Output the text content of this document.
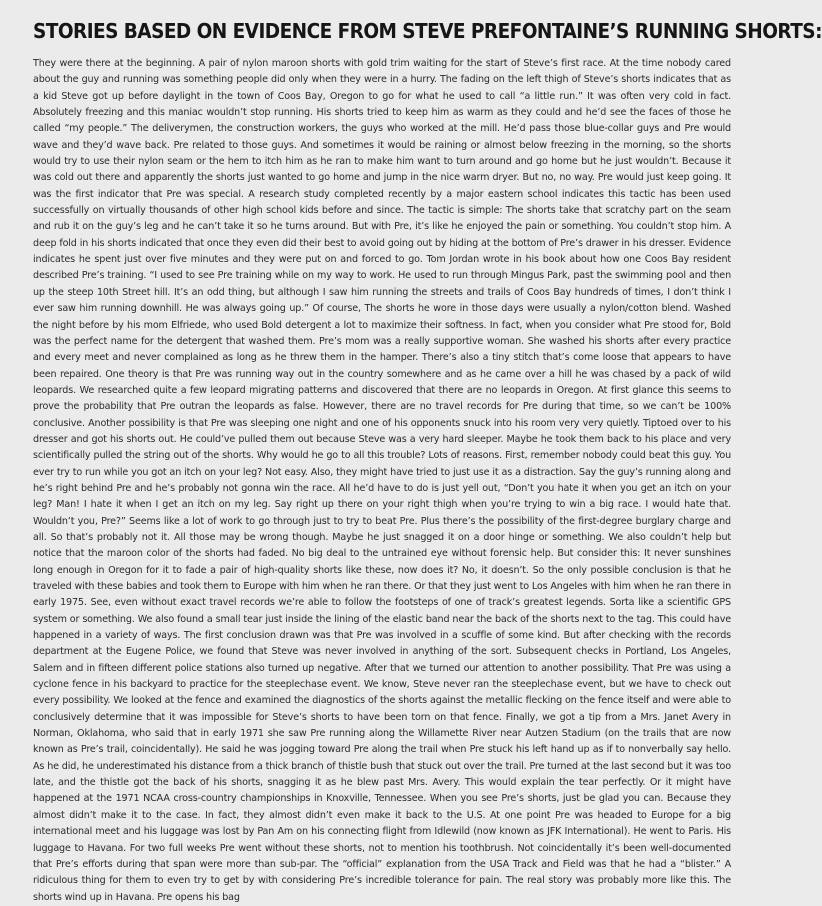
STORIES BASED ON EVIDENCE FROM STEVE PREFONTAINE’S RUNNING SHORTS:

They were there at the beginning. A pair of nylon maroon shorts with gold trim waiting for the start of Steve’s first race. At the time nobody cared about the guy and running was something people did only when they were in a hurry. The fading on the left thigh of Steve’s shorts indicates that as a kid Steve got up before daylight in the town of Coos Bay, Oregon to go for what he used to call “a little run.” It was often very cold in fact. Absolutely freezing and this maniac wouldn’t stop running. His shorts tried to keep him as warm as they could and he’d see the faces of those he called “my people.” The deliverymen, the construction workers, the guys who worked at the mill. He’d pass those blue-collar guys and Pre would wave and they’d wave back. Pre related to those guys. And sometimes it would be raining or almost below freezing in the morning, so the shorts would try to use their nylon seam or the hem to itch him as he ran to make him want to turn around and go home but he just wouldn’t. Because it was cold out there and apparently the shorts just wanted to go home and jump in the nice warm dryer. But no, no way. Pre would just keep going. It was the first indicator that Pre was special. A research study completed recently by a major eastern school indicates this tactic has been used successfully on virtually thousands of other high school kids before and since. The tactic is simple: The shorts take that scratchy part on the seam and rub it on the guy’s leg and he can’t take it so he turns around. But with Pre, it’s like he enjoyed the pain or something. You couldn’t stop him. A deep fold in his shorts indicated that once they even did their best to avoid going out by hiding at the bottom of Pre’s drawer in his dresser. Evidence indicates he spent just over five minutes and they were put on and forced to go. Tom Jordan wrote in his book about how one Coos Bay resident described Pre’s training. “I used to see Pre training while on my way to work. He used to run through Mingus Park, past the swimming pool and then up the steep 10th Street hill. It’s an odd thing, but although I saw him running the streets and trails of Coos Bay hundreds of times, I don’t think I ever saw him running downhill. He was always going up.” Of course, The shorts he wore in those days were usually a nylon/cotton blend. Washed the night before by his mom Elfriede, who used Bold detergent a lot to maximize their softness. In fact, when you consider what Pre stood for, Bold was the perfect name for the detergent that washed them. Pre’s mom was a really supportive woman. She washed his shorts after every practice and every meet and never complained as long as he threw them in the hamper. There’s also a tiny stitch that’s come loose that appears to have been repaired. One theory is that Pre was running way out in the country somewhere and as he came over a hill he was chased by a pack of wild leopards. We researched quite a few leopard migrating patterns and discovered that there are no leopards in Oregon. At first glance this seems to prove the probability that Pre outran the leopards as false. However, there are no travel records for Pre during that time, so we can’t be 100% conclusive. Another possibility is that Pre was sleeping one night and one of his opponents snuck into his room very very quietly. Tiptoed over to his dresser and got his shorts out. He could’ve pulled them out because Steve was a very hard sleeper. Maybe he took them back to his place and very scientifically pulled the string out of the shorts. Why would he go to all this trouble? Lots of reasons. First, remember nobody could beat this guy. You ever try to run while you got an itch on your leg? Not easy. Also, they might have tried to just use it as a distraction. Say the guy’s running along and he’s right behind Pre and he’s probably not gonna win the race. All he’d have to do is just yell out, “Don’t you hate it when you get an itch on your leg? Man! I hate it when I get an itch on my leg. Say right up there on your right thigh when you’re trying to win a big race. I would hate that. Wouldn’t you, Pre?” Seems like a lot of work to go through just to try to beat Pre. Plus there’s the possibility of the first-degree burglary charge and all. So that’s probably not it. All those may be wrong though. Maybe he just snagged it on a door hinge or something. We also couldn’t help but notice that the maroon color of the shorts had faded. No big deal to the untrained eye without forensic help. But consider this: It never sunshines long enough in Oregon for it to fade a pair of high-quality shorts like these, now does it? No, it doesn’t. So the only possible conclusion is that he traveled with these babies and took them to Europe with him when he ran there. Or that they just went to Los Angeles with him when he ran there in early 1975. See, even without exact travel records we’re able to follow the footsteps of one of track’s greatest legends. Sorta like a scientific GPS system or something. We also found a small tear just inside the lining of the elastic band near the back of the shorts next to the tag. This could have happened in a variety of ways. The first conclusion drawn was that Pre was involved in a scuffle of some kind. But after checking with the records department at the Eugene Police, we found that Steve was never involved in anything of the sort. Subsequent checks in Portland, Los Angeles, Salem and in fifteen different police stations also turned up negative. After that we turned our attention to another possibility. That Pre was using a cyclone fence in his backyard to practice for the steeplechase event. We know, Steve never ran the steeplechase event, but we have to check out every possibility. We looked at the fence and examined the diagnostics of the shorts against the metallic flecking on the fence itself and were able to conclusively determine that it was impossible for Steve’s shorts to have been torn on that fence. Finally, we got a tip from a Mrs. Janet Avery in Norman, Oklahoma, who said that in early 1971 she saw Pre running along the Willamette River near Autzen Stadium (on the trails that are now known as Pre’s trail, coincidentally). He said he was jogging toward Pre along the trail when Pre stuck his left hand up as if to nonverbally say hello. As he did, he underestimated his distance from a thick branch of thistle bush that stuck out over the trail. Pre turned at the last second but it was too late, and the thistle got the back of his shorts, snagging it as he blew past Mrs. Avery. This would explain the tear perfectly. Or it might have happened at the 1971 NCAA cross-country championships in Knoxville, Tennessee. When you see Pre’s shorts, just be glad you can. Because they almost didn’t make it to the case. In fact, they almost didn’t even make it back to the U.S. At one point Pre was headed to Europe for a big international meet and his luggage was lost by Pan Am on his connecting flight from Idlewild (now known as JFK International). He went to Paris. His luggage to Havana. For two full weeks Pre went without these shorts, not to mention his toothbrush. Not coincidentally it’s been well-documented that Pre’s efforts during that span were more than sub-par. The “official” explanation from the USA Track and Field was that he had a “blister.” A ridiculous thing for them to even try to get by with considering Pre’s incredible tolerance for pain. The real story was probably more like this. The shorts wind up in Havana. Pre opens his bag
